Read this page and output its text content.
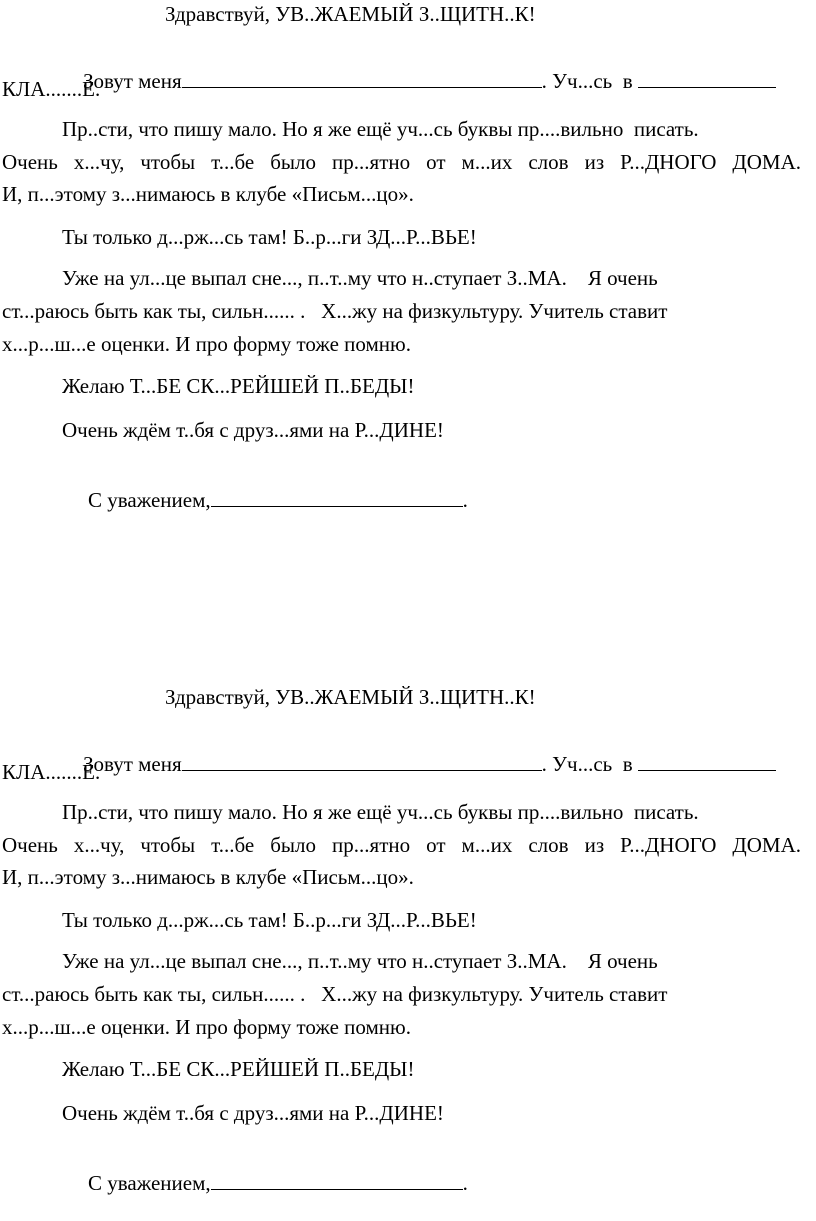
Здравствуй, УВ..ЖАЕМЫЙ З..ЩИТН..К!

Зовут меня	. Уч...сь  в

КЛА.......Е.
Пр..сти, что пишу мало. Но я же ещё уч...сь буквы пр....вильно  писать.
Очень х...чу, чтобы т...бе было пр...ятно от м...их слов из Р...ДНОГО ДОМА.
И, п...этому з...нимаюсь в клубе «Письм...цо».
Ты только д...рж...сь там! Б..р...ги ЗД...Р...ВЬЕ!
Уже на ул...це выпал сне..., п..т..му что н..ступает З..МА.    Я очень
ст...раюсь быть как ты, сильн...... .   Х...жу на физкультуру. Учитель ставит
х...р...ш...е оценки. И про форму тоже помню.
Желаю Т...БЕ СК...РЕЙШЕЙ П..БЕДЫ!
Очень ждём т..бя с друз...ями на Р...ДИНЕ!

С уважением,	.

Здравствуй, УВ..ЖАЕМЫЙ З..ЩИТН..К!

Зовут меня	. Уч...сь  в

КЛА.......Е.
Пр..сти, что пишу мало. Но я же ещё уч...сь буквы пр....вильно  писать.
Очень х...чу, чтобы т...бе было пр...ятно от м...их слов из Р...ДНОГО ДОМА.
И, п...этому з...нимаюсь в клубе «Письм...цо».
Ты только д...рж...сь там! Б..р...ги ЗД...Р...ВЬЕ!
Уже на ул...це выпал сне..., п..т..му что н..ступает З..МА.    Я очень
ст...раюсь быть как ты, сильн...... .   Х...жу на физкультуру. Учитель ставит
х...р...ш...е оценки. И про форму тоже помню.
Желаю Т...БЕ СК...РЕЙШЕЙ П..БЕДЫ!
Очень ждём т..бя с друз...ями на Р...ДИНЕ!

С уважением,	.
